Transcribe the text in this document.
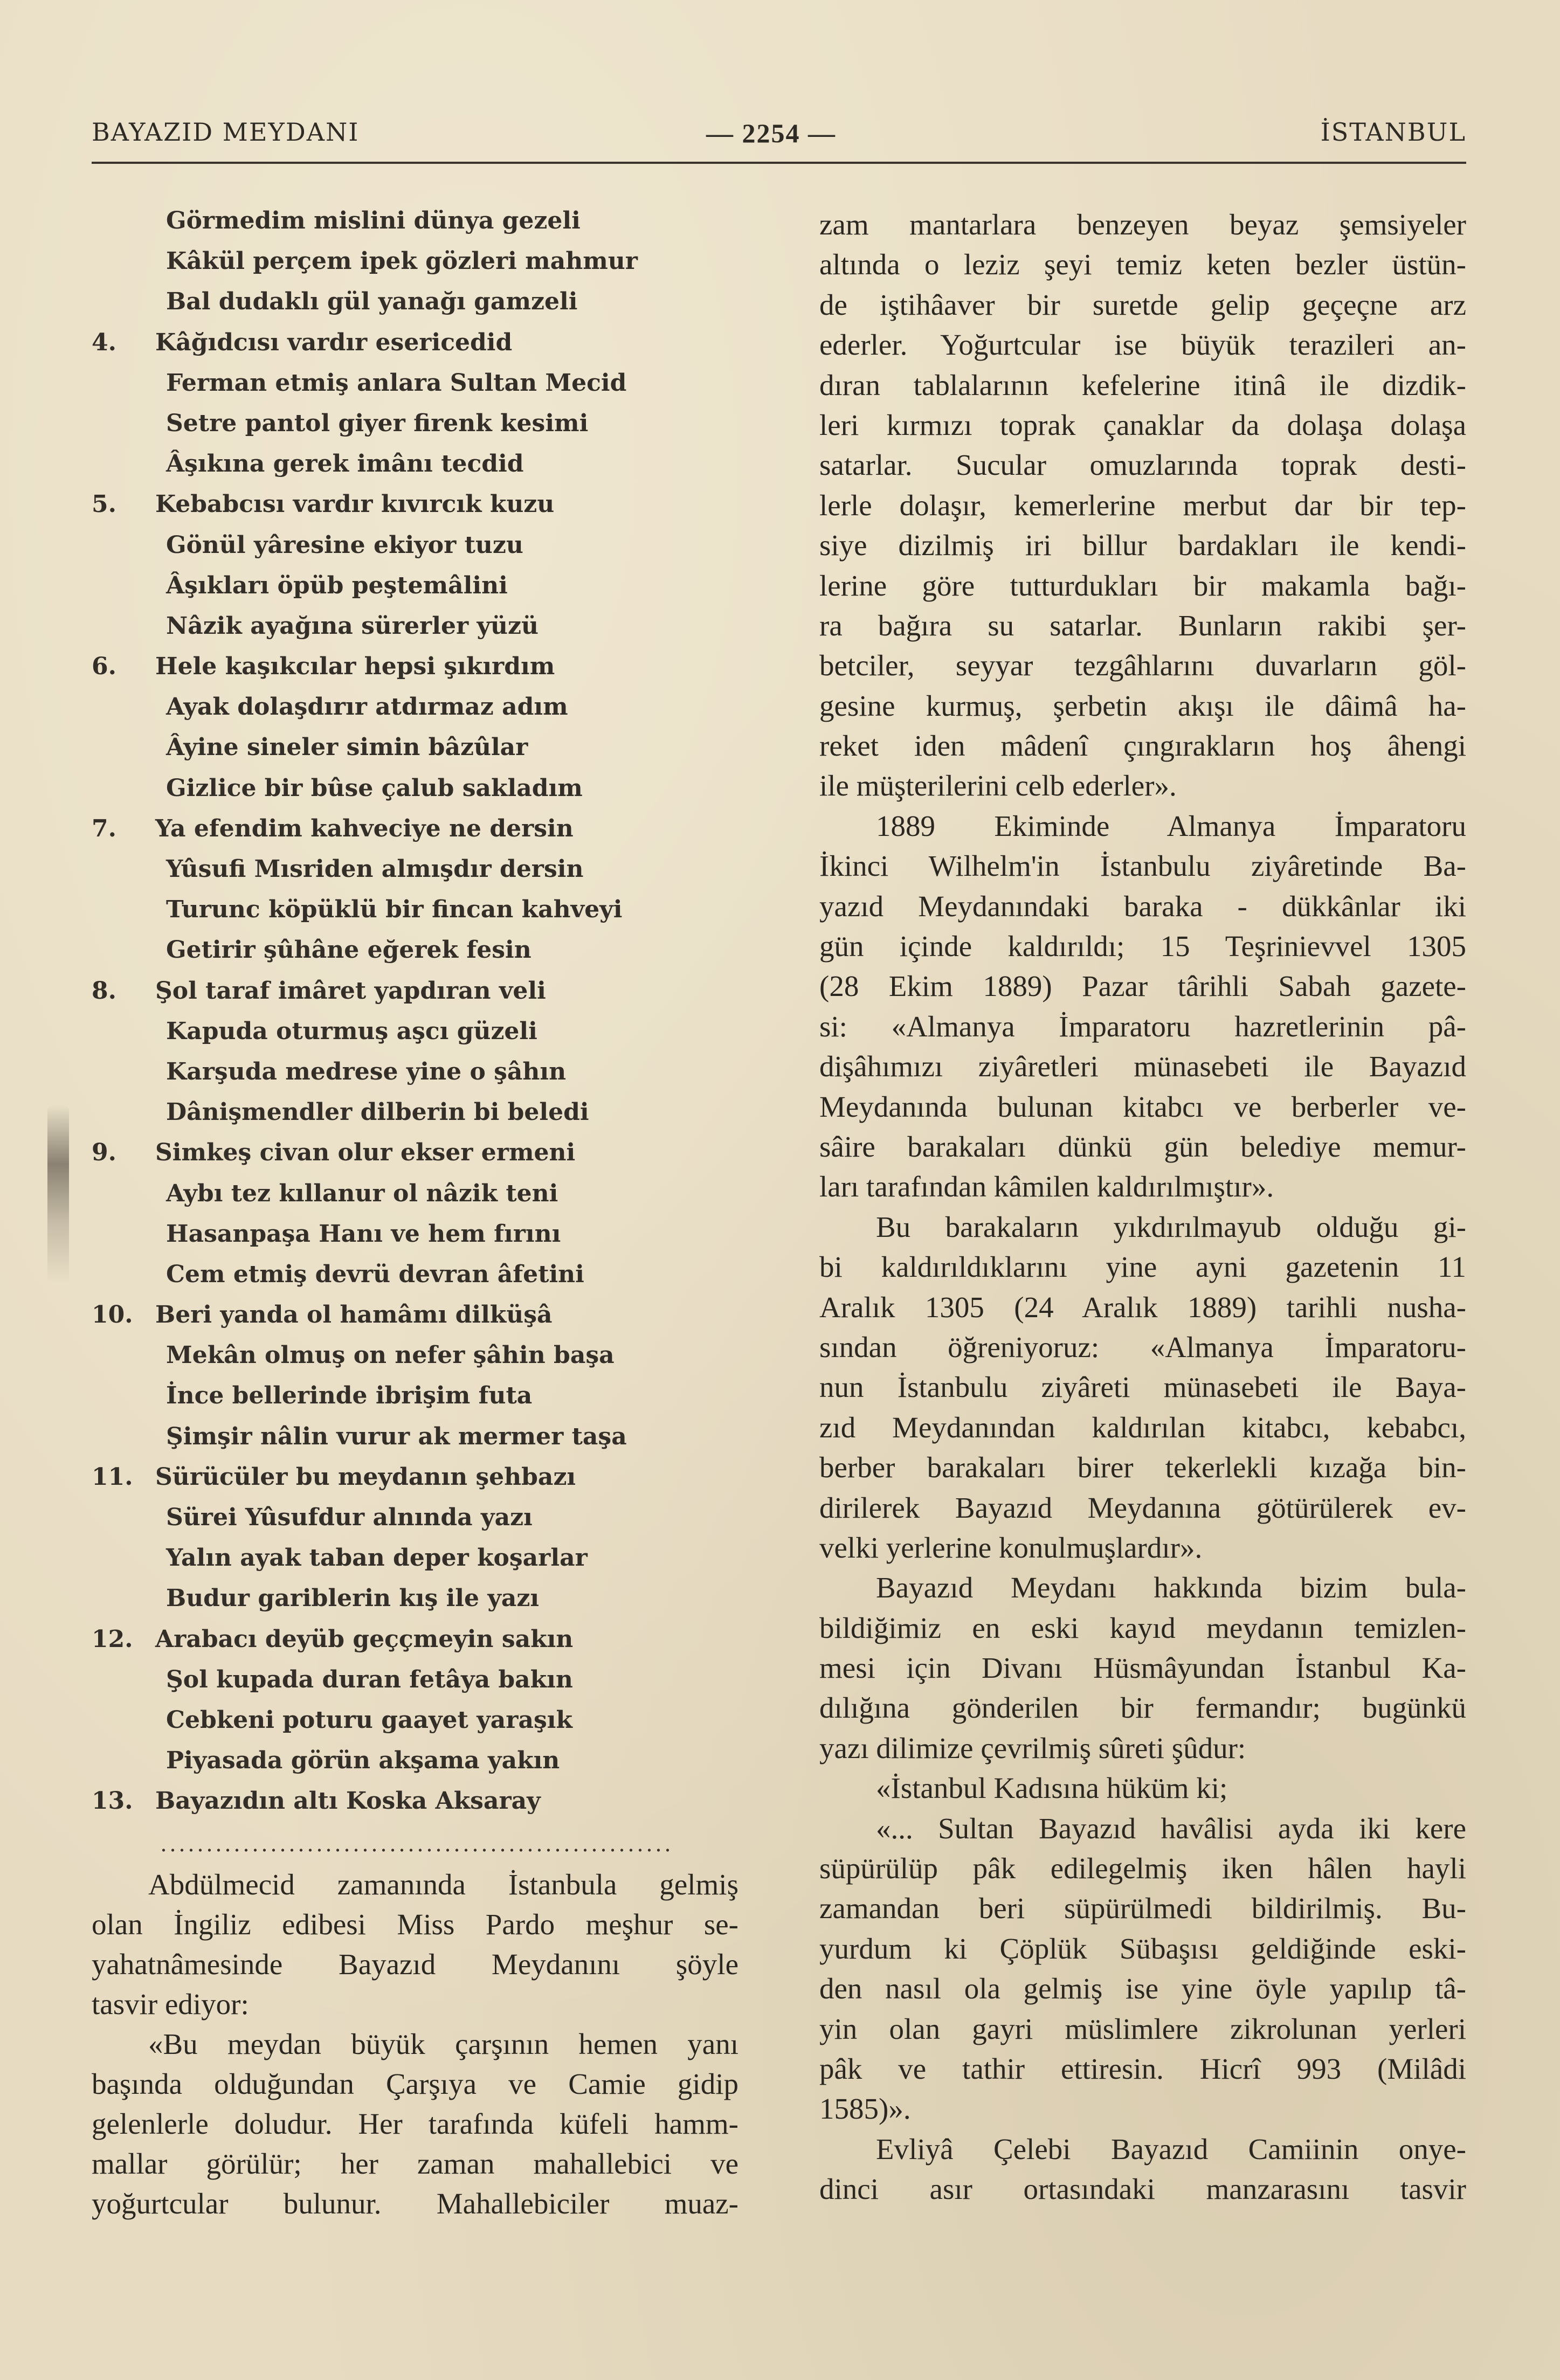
BAYAZID MEYDANI	— 2254 —	İSTANBUL
Görmedim mislini dünya gezeli
Kâkül perçem ipek gözleri mahmur
Bal dudaklı gül yanağı gamzeli
4.	Kâğıdcısı vardır esericedid
Ferman etmiş anlara Sultan Mecid
Setre pantol giyer firenk kesimi
Âşıkına gerek imânı tecdid
5.	Kebabcısı vardır kıvırcık kuzu
Gönül yâresine ekiyor tuzu
Âşıkları öpüb peştemâlini
Nâzik ayağına sürerler yüzü
6.	Hele kaşıkcılar hepsi şıkırdım
Ayak dolaşdırır atdırmaz adım
Âyine sineler simin bâzûlar
Gizlice bir bûse çalub sakladım
7.	Ya efendim kahveciye ne dersin
Yûsufi Mısriden almışdır dersin
Turunc köpüklü bir fincan kahveyi
Getirir şûhâne eğerek fesin
8.	Şol taraf imâret yapdıran veli
Kapuda oturmuş aşcı güzeli
Karşuda medrese yine o şâhın
Dânişmendler dilberin bi beledi
9.	Simkeş civan olur ekser ermeni
Aybı tez kıllanur ol nâzik teni
Hasanpaşa Hanı ve hem fırını
Cem etmiş devrü devran âfetini
10. Beri yanda ol hamâmı dilküşâ
Mekân olmuş on nefer şâhin başa
İnce bellerinde ibrişim futa
Şimşir nâlin vurur ak mermer taşa
11. Sürücüler bu meydanın şehbazı
Sürei Yûsufdur alnında yazı
Yalın ayak taban deper koşarlar
Budur gariblerin kış ile yazı
12. Arabacı deyüb geççmeyin sakın
Şol kupada duran fetâya bakın
Cebkeni poturu gaayet yaraşık
Piyasada görün akşama yakın
13. Bayazıdın altı Koska Aksaray
........................................................
Abdülmecid zamanında İstanbula gelmiş
olan İngiliz edibesi Miss Pardo meşhur se-
yahatnâmesinde Bayazıd Meydanını şöyle
tasvir ediyor:
«Bu meydan büyük çarşının hemen yanı
başında olduğundan Çarşıya ve Camie gidip
gelenlerle doludur. Her tarafında küfeli hamm-
mallar görülür; her zaman mahallebici ve
yoğurtcular bulunur. Mahallebiciler muaz-
zam mantarlara benzeyen beyaz şemsiyeler
altında o leziz şeyi temiz keten bezler üstün-
de iştihâaver bir suretde gelip geçeçne arz
ederler. Yoğurtcular ise büyük terazileri an-
dıran tablalarının kefelerine itinâ ile dizdik-
leri kırmızı toprak çanaklar da dolaşa dolaşa
satarlar. Sucular omuzlarında toprak desti-
lerle dolaşır, kemerlerine merbut dar bir tep-
siye dizilmiş iri billur bardakları ile kendi-
lerine göre tutturdukları bir makamla bağı-
ra bağıra su satarlar. Bunların rakibi şer-
betciler, seyyar tezgâhlarını duvarların göl-
gesine kurmuş, şerbetin akışı ile dâimâ ha-
reket iden mâdenî çıngırakların hoş âhengi
ile müşterilerini celb ederler».
1889 Ekiminde Almanya İmparatoru
İkinci Wilhelm'in İstanbulu ziyâretinde Ba-
yazıd Meydanındaki baraka - dükkânlar iki
gün içinde kaldırıldı; 15 Teşrinievvel 1305
(28 Ekim 1889) Pazar târihli Sabah gazete-
si: «Almanya İmparatoru hazretlerinin pâ-
dişâhımızı ziyâretleri münasebeti ile Bayazıd
Meydanında bulunan kitabcı ve berberler ve-
sâire barakaları dünkü gün belediye memur-
ları tarafından kâmilen kaldırılmıştır».
Bu barakaların yıkdırılmayub olduğu gi-
bi kaldırıldıklarını yine ayni gazetenin 11
Aralık 1305 (24 Aralık 1889) tarihli nusha-
sından öğreniyoruz: «Almanya İmparatoru-
nun İstanbulu ziyâreti münasebeti ile Baya-
zıd Meydanından kaldırılan kitabcı, kebabcı,
berber barakaları birer tekerlekli kızağa bin-
dirilerek Bayazıd Meydanına götürülerek ev-
velki yerlerine konulmuşlardır».
Bayazıd Meydanı hakkında bizim bula-
bildiğimiz en eski kayıd meydanın temizlen-
mesi için Divanı Hüsmâyundan İstanbul Ka-
dılığına gönderilen bir fermandır; bugünkü
yazı dilimize çevrilmiş sûreti şûdur:
«İstanbul Kadısına hüküm ki;
«... Sultan Bayazıd havâlisi ayda iki kere
süpürülüp pâk edilegelmiş iken hâlen hayli
zamandan beri süpürülmedi bildirilmiş. Bu-
yurdum ki Çöplük Sübaşısı geldiğinde eski-
den nasıl ola gelmiş ise yine öyle yapılıp tâ-
yin olan gayri müslimlere zikrolunan yerleri
pâk ve tathir ettiresin. Hicrî 993 (Milâdi
1585)».
Evliyâ Çelebi Bayazıd Camiinin onye-
dinci asır ortasındaki manzarasını tasvir
